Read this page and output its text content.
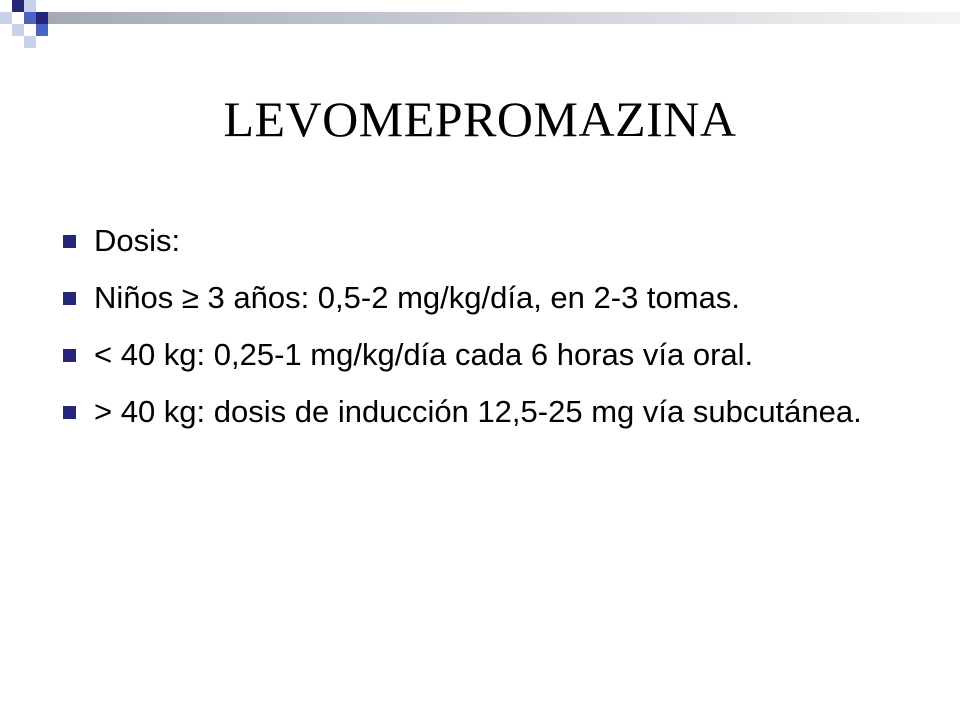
LEVOMEPROMAZINA
Dosis:
Niños ≥ 3 años: 0,5-2 mg/kg/día, en 2-3 tomas.
< 40 kg: 0,25-1 mg/kg/día cada 6 horas vía oral.
> 40 kg: dosis de inducción 12,5-25 mg vía subcutánea.
